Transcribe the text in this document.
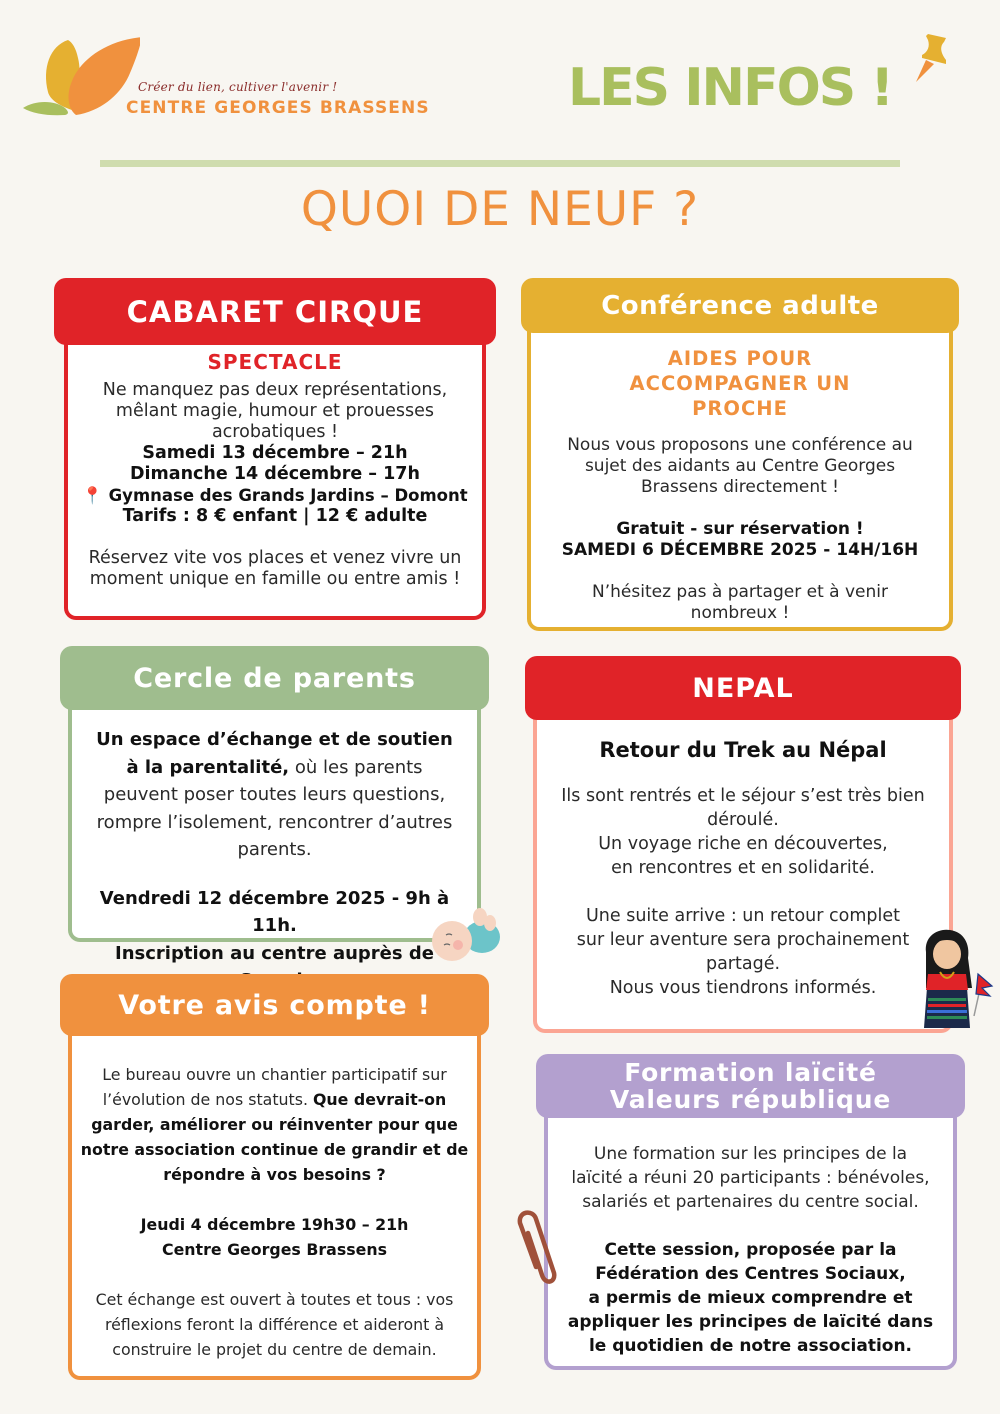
Créer du lien, cultiver l'avenir !
CENTRE GEORGES BRASSENS	LES INFOS !
QUOI DE NEUF ?
CABARET CIRQUE
SPECTACLE
Ne manquez pas deux représentations, mêlant magie, humour et prouesses acrobatiques !
Samedi 13 décembre – 21h
Dimanche 14 décembre – 17h
📍 Gymnase des Grands Jardins – Domont
Tarifs : 8 € enfant | 12 € adulte
Réservez vite vos places et venez vivre un moment unique en famille ou entre amis !
Conférence adulte
AIDES POUR ACCOMPAGNER UN PROCHE
Nous vous proposons une conférence au sujet des aidants au Centre Georges Brassens directement !
Gratuit - sur réservation !
SAMEDI 6 DÉCEMBRE 2025 - 14H/16H
N’hésitez pas à partager et à venir nombreux !
Cercle de parents
Un espace d’échange et de soutien à la parentalité, où les parents peuvent poser toutes leurs questions, rompre l’isolement, rencontrer d’autres parents.
Vendredi 12 décembre 2025 - 9h à 11h.
Inscription au centre auprès de
NEPAL
Retour du Trek au Népal
Ils sont rentrés et le séjour s’est très bien déroulé.
Un voyage riche en découvertes,
en rencontres et en solidarité.
Une suite arrive : un retour complet sur leur aventure sera prochainement partagé.
Nous vous tiendrons informés.
Votre avis compte !
Le bureau ouvre un chantier participatif sur l’évolution de nos statuts. Que devrait-on garder, améliorer ou réinventer pour que notre association continue de grandir et de répondre à vos besoins ?
Jeudi 4 décembre 19h30 – 21h
Centre Georges Brassens
Cet échange est ouvert à toutes et tous : vos réflexions feront la différence et aideront à construire le projet du centre de demain.
Formation laïcité
Valeurs république
Une formation sur les principes de la laïcité a réuni 20 participants : bénévoles, salariés et partenaires du centre social.
Cette session, proposée par la Fédération des Centres Sociaux,
a permis de mieux comprendre et appliquer les principes de laïcité dans le quotidien de notre association.
